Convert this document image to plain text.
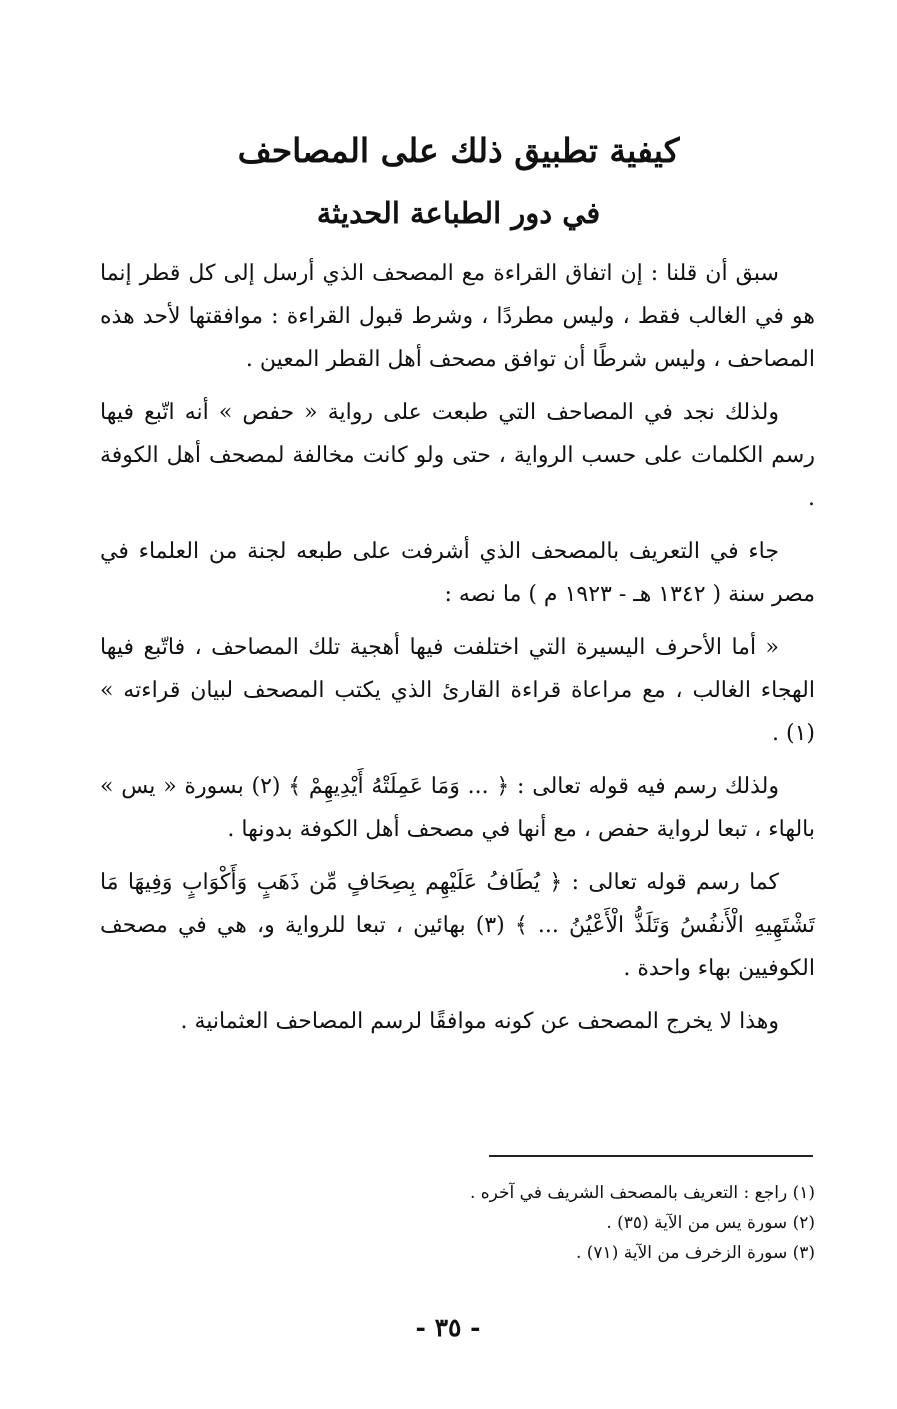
كيفية تطبيق ذلك على المصاحف
في دور الطباعة الحديثة

سبق أن قلنا : إن اتفاق القراءة مع المصحف الذي أرسل إلى كل قطر إنما هو في الغالب فقط ، وليس مطردًا ، وشرط قبول القراءة : موافقتها لأحد هذه المصاحف ، وليس شرطًا أن توافق مصحف أهل القطر المعين .

ولذلك نجد في المصاحف التي طبعت على رواية « حفص » أنه اتّبع فيها رسم الكلمات على حسب الرواية ، حتى ولو كانت مخالفة لمصحف أهل الكوفة .

جاء في التعريف بالمصحف الذي أشرفت على طبعه لجنة من العلماء في مصر سنة ( ١٣٤٢ هـ - ١٩٢٣ م ) ما نصه :

« أما الأحرف اليسيرة التي اختلفت فيها أهجية تلك المصاحف ، فاتّبع فيها الهجاء الغالب ، مع مراعاة قراءة القارئ الذي يكتب المصحف لبيان قراءته » (١) .

ولذلك رسم فيه قوله تعالى : ﴿ ... وَمَا عَمِلَتْهُ أَيْدِيهِمْ ﴾ (٢) بسورة « يس » بالهاء ، تبعا لرواية حفص ، مع أنها في مصحف أهل الكوفة بدونها .

كما رسم قوله تعالى : ﴿ يُطَافُ عَلَيْهِم بِصِحَافٍ مِّن ذَهَبٍ وَأَكْوَابٍ وَفِيهَا مَا تَشْتَهِيهِ الْأَنفُسُ وَتَلَذُّ الْأَعْيُنُ ... ﴾ (٣) بهائين ، تبعا للرواية و، هي في مصحف الكوفيين بهاء واحدة .

وهذا لا يخرج المصحف عن كونه موافقًا لرسم المصاحف العثمانية .

(١) راجع : التعريف بالمصحف الشريف في آخره .

(٢) سورة يس من الآية (٣٥) .

(٣) سورة الزخرف من الآية (٧١) .

- ٣٥ -
